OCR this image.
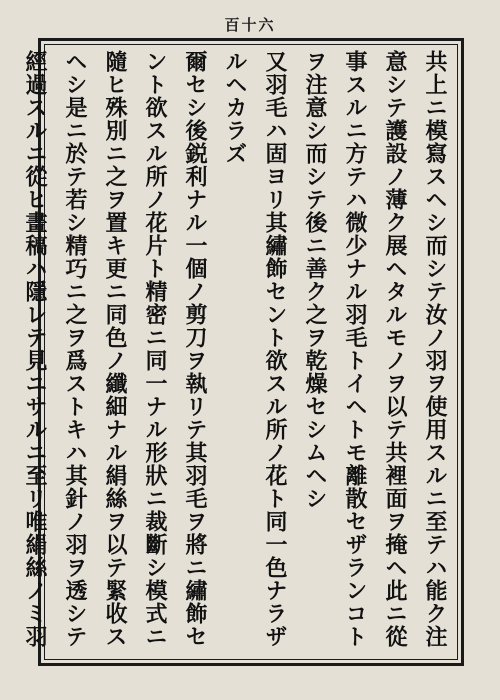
百十六
共上ニ模寫スヘシ而シテ汝ノ羽ヲ使用スルニ至テハ能ク注
意シテ護設ノ薄ク展ヘタルモノヲ以テ共裡面ヲ掩ヘ此ニ從
事スルニ方テハ微少ナル羽毛トイヘトモ離散セザランコト
ヲ注意シ而シテ後ニ善ク之ヲ乾燥セシムヘシ
又羽毛ハ固ヨリ其繡飾セント欲スル所ノ花ト同一色ナラザ
ルヘカラズ
爾セシ後鋭利ナル一個ノ剪刀ヲ執リテ其羽毛ヲ將ニ繡飾セ
ント欲スル所ノ花片ト精密ニ同一ナル形狀ニ裁斷シ模式ニ
隨ヒ殊別ニ之ヲ置キ更ニ同色ノ纖細ナル絹絲ヲ以テ緊收ス
ヘシ是ニ於テ若シ精巧ニ之ヲ爲ストキハ其針ノ羽ヲ透シテ
經過スルニ從ヒ畫稿ハ隱レテ見ユサルニ至リ唯絹絲ノミ羽
